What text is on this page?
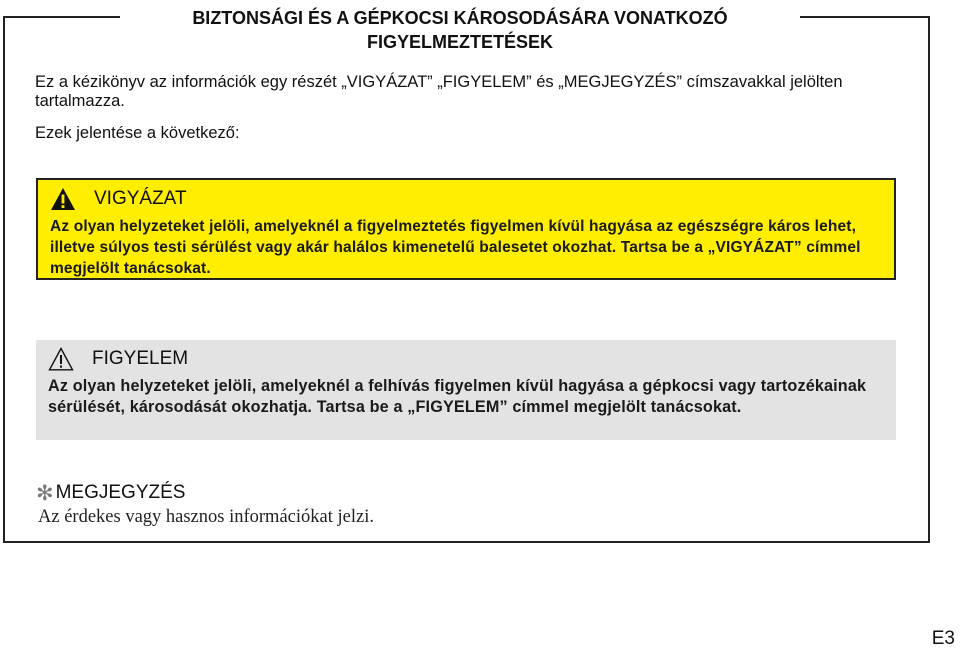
BIZTONSÁGI ÉS A GÉPKOCSI KÁROSODÁSÁRA VONATKOZÓ
FIGYELMEZTETÉSEK
Ez a kézikönyv az információk egy részét „VIGYÁZAT” „FIGYELEM” és „MEGJEGYZÉS” címszavakkal jelölten tartalmazza.
Ezek jelentése a következő:
VIGYÁZAT
Az olyan helyzeteket jelöli, amelyeknél a figyelmeztetés figyelmen kívül hagyása az egészségre káros lehet, illetve súlyos testi sérülést vagy akár halálos kimenetelű balesetet okozhat. Tartsa be a „VIGYÁZAT” címmel megjelölt tanácsokat.
FIGYELEM
Az olyan helyzeteket jelöli, amelyeknél a felhívás figyelmen kívül hagyása a gépkocsi vagy tartozékainak sérülését, károsodását okozhatja. Tartsa be a „FIGYELEM” címmel megjelölt tanácsokat.
✻ MEGJEGYZÉS
Az érdekes vagy hasznos információkat jelzi.
E3
